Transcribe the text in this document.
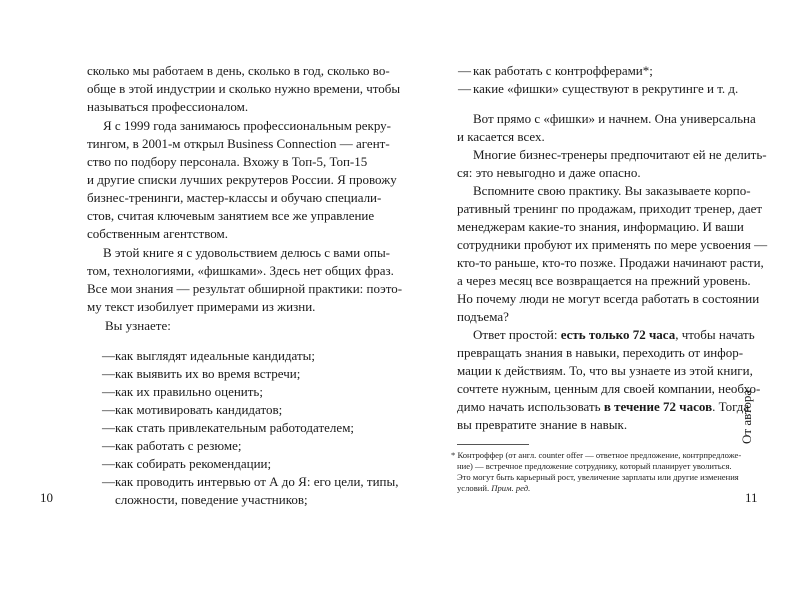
сколько мы работаем в день, сколько в год, сколько во-
обще в этой индустрии и сколько нужно времени, чтобы
называться профессионалом.
Я с 1999 года занимаюсь профессиональным рекру-
тингом, в 2001-м открыл Business Connection — агент-
ство по подбору персонала. Вхожу в Топ-5, Топ-15
и другие списки лучших рекрутеров России. Я провожу
бизнес-тренинги, мастер-классы и обучаю специали-
стов, считая ключевым занятием все же управление
собственным агентством.
В этой книге я с удовольствием делюсь с вами опы-
том, технологиями, «фишками». Здесь нет общих фраз.
Все мои знания — результат обширной практики: поэто-
му текст изобилует примерами из жизни.
Вы узнаете:
— как выглядят идеальные кандидаты;
— как выявить их во время встречи;
— как их правильно оценить;
— как мотивировать кандидатов;
— как стать привлекательным работодателем;
— как работать с резюме;
— как собирать рекомендации;
— как проводить интервью от А до Я: его цели, типы,
сложности, поведение участников;
10
— как работать с контрофферами*;
— какие «фишки» существуют в рекрутинге и т. д.
Вот прямо с «фишки» и начнем. Она универсальна
и касается всех.
Многие бизнес-тренеры предпочитают ей не делить-
ся: это невыгодно и даже опасно.
Вспомните свою практику. Вы заказываете корпо-
ративный тренинг по продажам, приходит тренер, дает
менеджерам какие-то знания, информацию. И ваши
сотрудники пробуют их применять по мере усвоения —
кто-то раньше, кто-то позже. Продажи начинают расти,
а через месяц все возвращается на прежний уровень.
Но почему люди не могут всегда работать в состоянии
подъема?
Ответ простой: есть только 72 часа, чтобы начать
превращать знания в навыки, переходить от инфор-
мации к действиям. То, что вы узнаете из этой книги,
сочтете нужным, ценным для своей компании, необхо-
димо начать использовать в течение 72 часов. Тогда
вы превратите знание в навык.
* Контроффер (от англ. counter offer — ответное предложение, контрпредложе-
ние) — встречное предложение сотруднику, который планирует уволиться.
Это могут быть карьерный рост, увеличение зарплаты или другие изменения
условий. Прим. ред.
От автора
11
